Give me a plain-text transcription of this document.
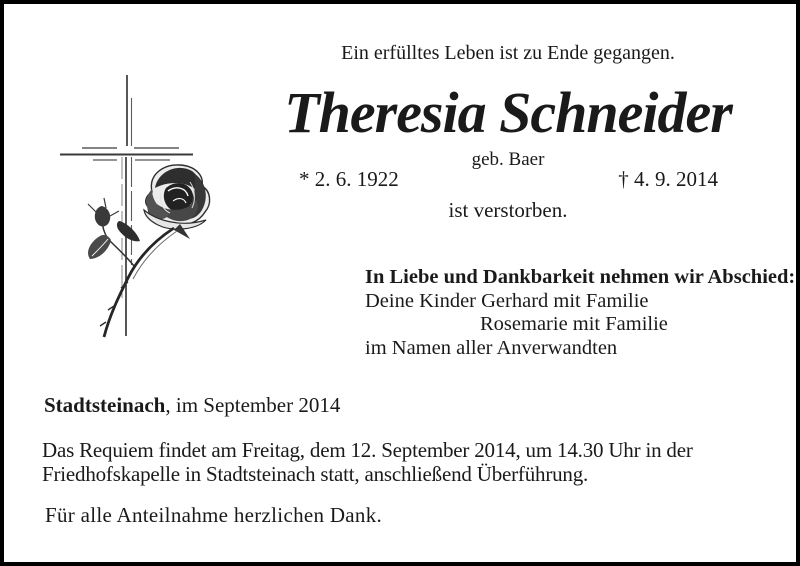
Ein erfülltes Leben ist zu Ende gegangen.
Theresia Schneider
geb. Baer
* 2. 6. 1922	† 4. 9. 2014
ist verstorben.
In Liebe und Dankbarkeit nehmen wir Abschied:
Deine Kinder Gerhard mit Familie
Rosemarie mit Familie
im Namen aller Anverwandten
Stadtsteinach, im September 2014
Das Requiem findet am Freitag, dem 12. September 2014, um 14.30 Uhr in der Friedhofskapelle in Stadtsteinach statt, anschließend Überführung.
Für alle Anteilnahme herzlichen Dank.
